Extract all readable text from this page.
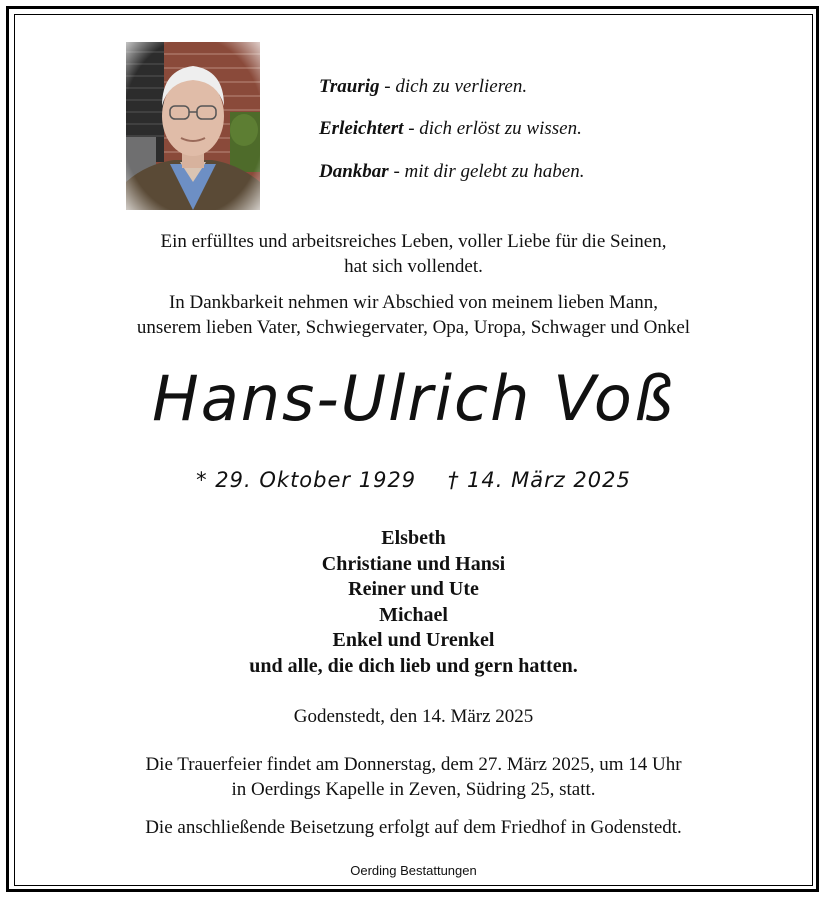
Traurig - dich zu verlieren.
Erleichtert - dich erlöst zu wissen.
Dankbar - mit dir gelebt zu haben.
Ein erfülltes und arbeitsreiches Leben, voller Liebe für die Seinen,
hat sich vollendet.
In Dankbarkeit nehmen wir Abschied von meinem lieben Mann,
unserem lieben Vater, Schwiegervater, Opa, Uropa, Schwager und Onkel
Hans-Ulrich Voß
* 29. Oktober 1929 † 14. März 2025
Elsbeth
Christiane und Hansi
Reiner und Ute
Michael
Enkel und Urenkel
und alle, die dich lieb und gern hatten.
Godenstedt, den 14. März 2025
Die Trauerfeier findet am Donnerstag, dem 27. März 2025, um 14 Uhr
in Oerdings Kapelle in Zeven, Südring 25, statt.
Die anschließende Beisetzung erfolgt auf dem Friedhof in Godenstedt.
Oerding Bestattungen
